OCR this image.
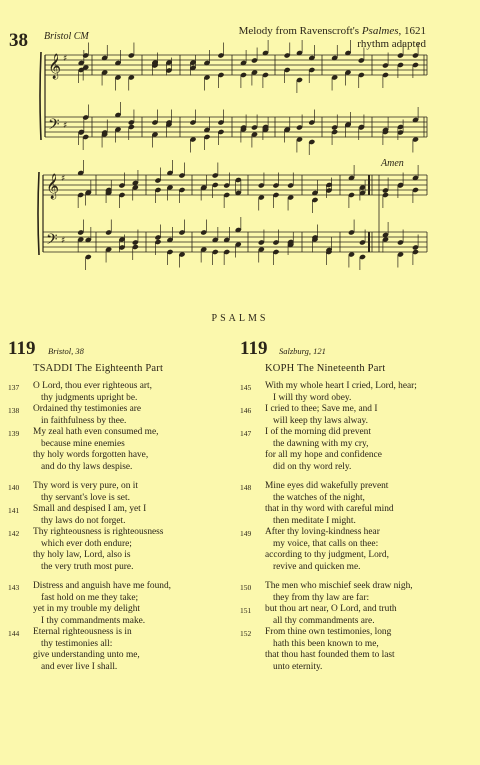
38 Bristol CM	Melody from Ravenscroft's Psalmes, 1621
rhythm adapted
Amen
𝄞
𝄢
♯
♯
𝄞
𝄢
♯
♯
PSALMS
119 Bristol, 38
TSADDI The Eighteenth Part
137	O Lord, thou ever righteous art,
thy judgments upright be.
138	Ordained thy testimonies are
in faithfulness by thee.
139	My zeal hath even consumed me,
because mine enemies
thy holy words forgotten have,
and do thy laws despise.
140	Thy word is very pure, on it
thy servant's love is set.
141	Small and despised I am, yet I
thy laws do not forget.
142	Thy righteousness is righteousness
which ever doth endure;
thy holy law, Lord, also is
the very truth most pure.
143	Distress and anguish have me found,
fast hold on me they take;
yet in my trouble my delight
I thy commandments make.
144	Eternal righteousness is in
thy testimonies all:
give understanding unto me,
and ever live I shall.
119 Salzburg, 121
KOPH The Nineteenth Part
145	With my whole heart I cried, Lord, hear;
I will thy word obey.
146	I cried to thee; Save me, and I
will keep thy laws alway.
147	I of the morning did prevent
the dawning with my cry,
for all my hope and confidence
did on thy word rely.
148	Mine eyes did wakefully prevent
the watches of the night,
that in thy word with careful mind
then meditate I might.
149	After thy loving-kindness hear
my voice, that calls on thee:
according to thy judgment, Lord,
revive and quicken me.
150	The men who mischief seek draw nigh,
they from thy law are far:
151	but thou art near, O Lord, and truth
all thy commandments are.
152	From thine own testimonies, long
hath this been known to me,
that thou hast founded them to last
unto eternity.
